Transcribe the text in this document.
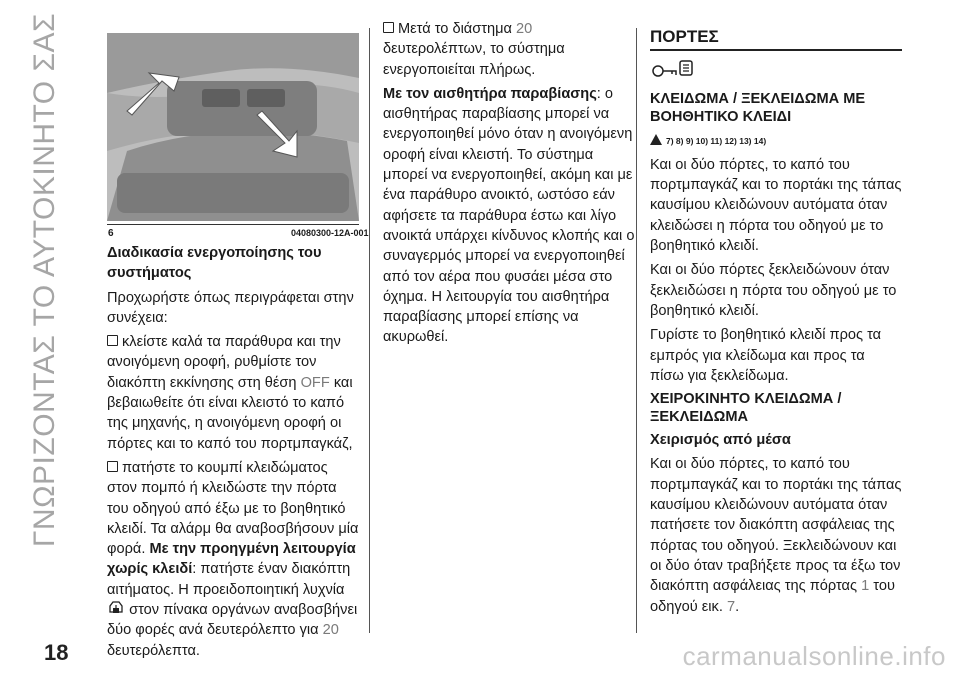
ΓΝΩΡΙΖΟΝΤΑΣ ΤΟ ΑΥΤΟΚΙΝΗΤΟ ΣΑΣ	6	04080300-12A-001

Διαδικασία ενεργοποίησης του συστήματος

Προχωρήστε όπως περιγράφεται στην συνέχεια:

κλείστε καλά τα παράθυρα και την ανοιγόμενη οροφή, ρυθμίστε τον διακόπτη εκκίνησης στη θέση OFF και βεβαιωθείτε ότι είναι κλειστό το καπό της μηχανής, η ανοιγόμενη οροφή οι πόρτες και το καπό του πορτμπαγκάζ,

πατήστε το κουμπί κλειδώματος στον πομπό ή κλειδώστε την πόρτα του οδηγού από έξω με το βοηθητικό κλειδί. Τα αλάρμ θα αναβοσβήσουν μία φορά. Με την προηγμένη λειτουργία χωρίς κλειδί: πατήστε έναν διακόπτη αιτήματος. Η προειδοποιητική λυχνία  στον πίνακα οργάνων αναβοσβήνει δύο φορές ανά δευτερόλεπτο για 20 δευτερόλεπτα.

Μετά το διάστημα 20 δευτερολέπτων, το σύστημα ενεργοποιείται πλήρως.

Με τον αισθητήρα παραβίασης: ο αισθητήρας παραβίασης μπορεί να ενεργοποιηθεί μόνο όταν η ανοιγόμενη οροφή είναι κλειστή. Το σύστημα μπορεί να ενεργοποιηθεί, ακόμη και με ένα παράθυρο ανοικτό, ωστόσο εάν αφήσετε τα παράθυρα έστω και λίγο ανοικτά υπάρχει κίνδυνος κλοπής και ο συναγερμός μπορεί να ενεργοποιηθεί από τον αέρα που φυσάει μέσα στο όχημα. Η λειτουργία του αισθητήρα παραβίασης μπορεί επίσης να ακυρωθεί.

ΠΟΡΤΕΣ

ΚΛΕΙΔΩΜΑ / ΞΕΚΛΕΙΔΩΜΑ ΜΕ ΒΟΗΘΗΤΙΚΟ ΚΛΕΙΔΙ

7) 8) 9) 10) 11) 12) 13) 14)

Και οι δύο πόρτες, το καπό του πορτμπαγκάζ και το πορτάκι της τάπας καυσίμου κλειδώνουν αυτόματα όταν κλειδώσει η πόρτα του οδηγού με το βοηθητικό κλειδί.

Και οι δύο πόρτες ξεκλειδώνουν όταν ξεκλειδώσει η πόρτα του οδηγού με το βοηθητικό κλειδί.

Γυρίστε το βοηθητικό κλειδί προς τα εμπρός για κλείδωμα και προς τα πίσω για ξεκλείδωμα.

ΧΕΙΡΟΚΙΝΗΤΟ ΚΛΕΙΔΩΜΑ / ΞΕΚΛΕΙΔΩΜΑ

Χειρισμός από μέσα

Και οι δύο πόρτες, το καπό του πορτμπαγκάζ και το πορτάκι της τάπας καυσίμου κλειδώνουν αυτόματα όταν πατήσετε τον διακόπτη ασφάλειας της πόρτας του οδηγού. Ξεκλειδώνουν και οι δύο όταν τραβήξετε προς τα έξω τον διακόπτη ασφάλειας της πόρτας 1 του οδηγού εικ. 7.

18	carmanualsonline.info
